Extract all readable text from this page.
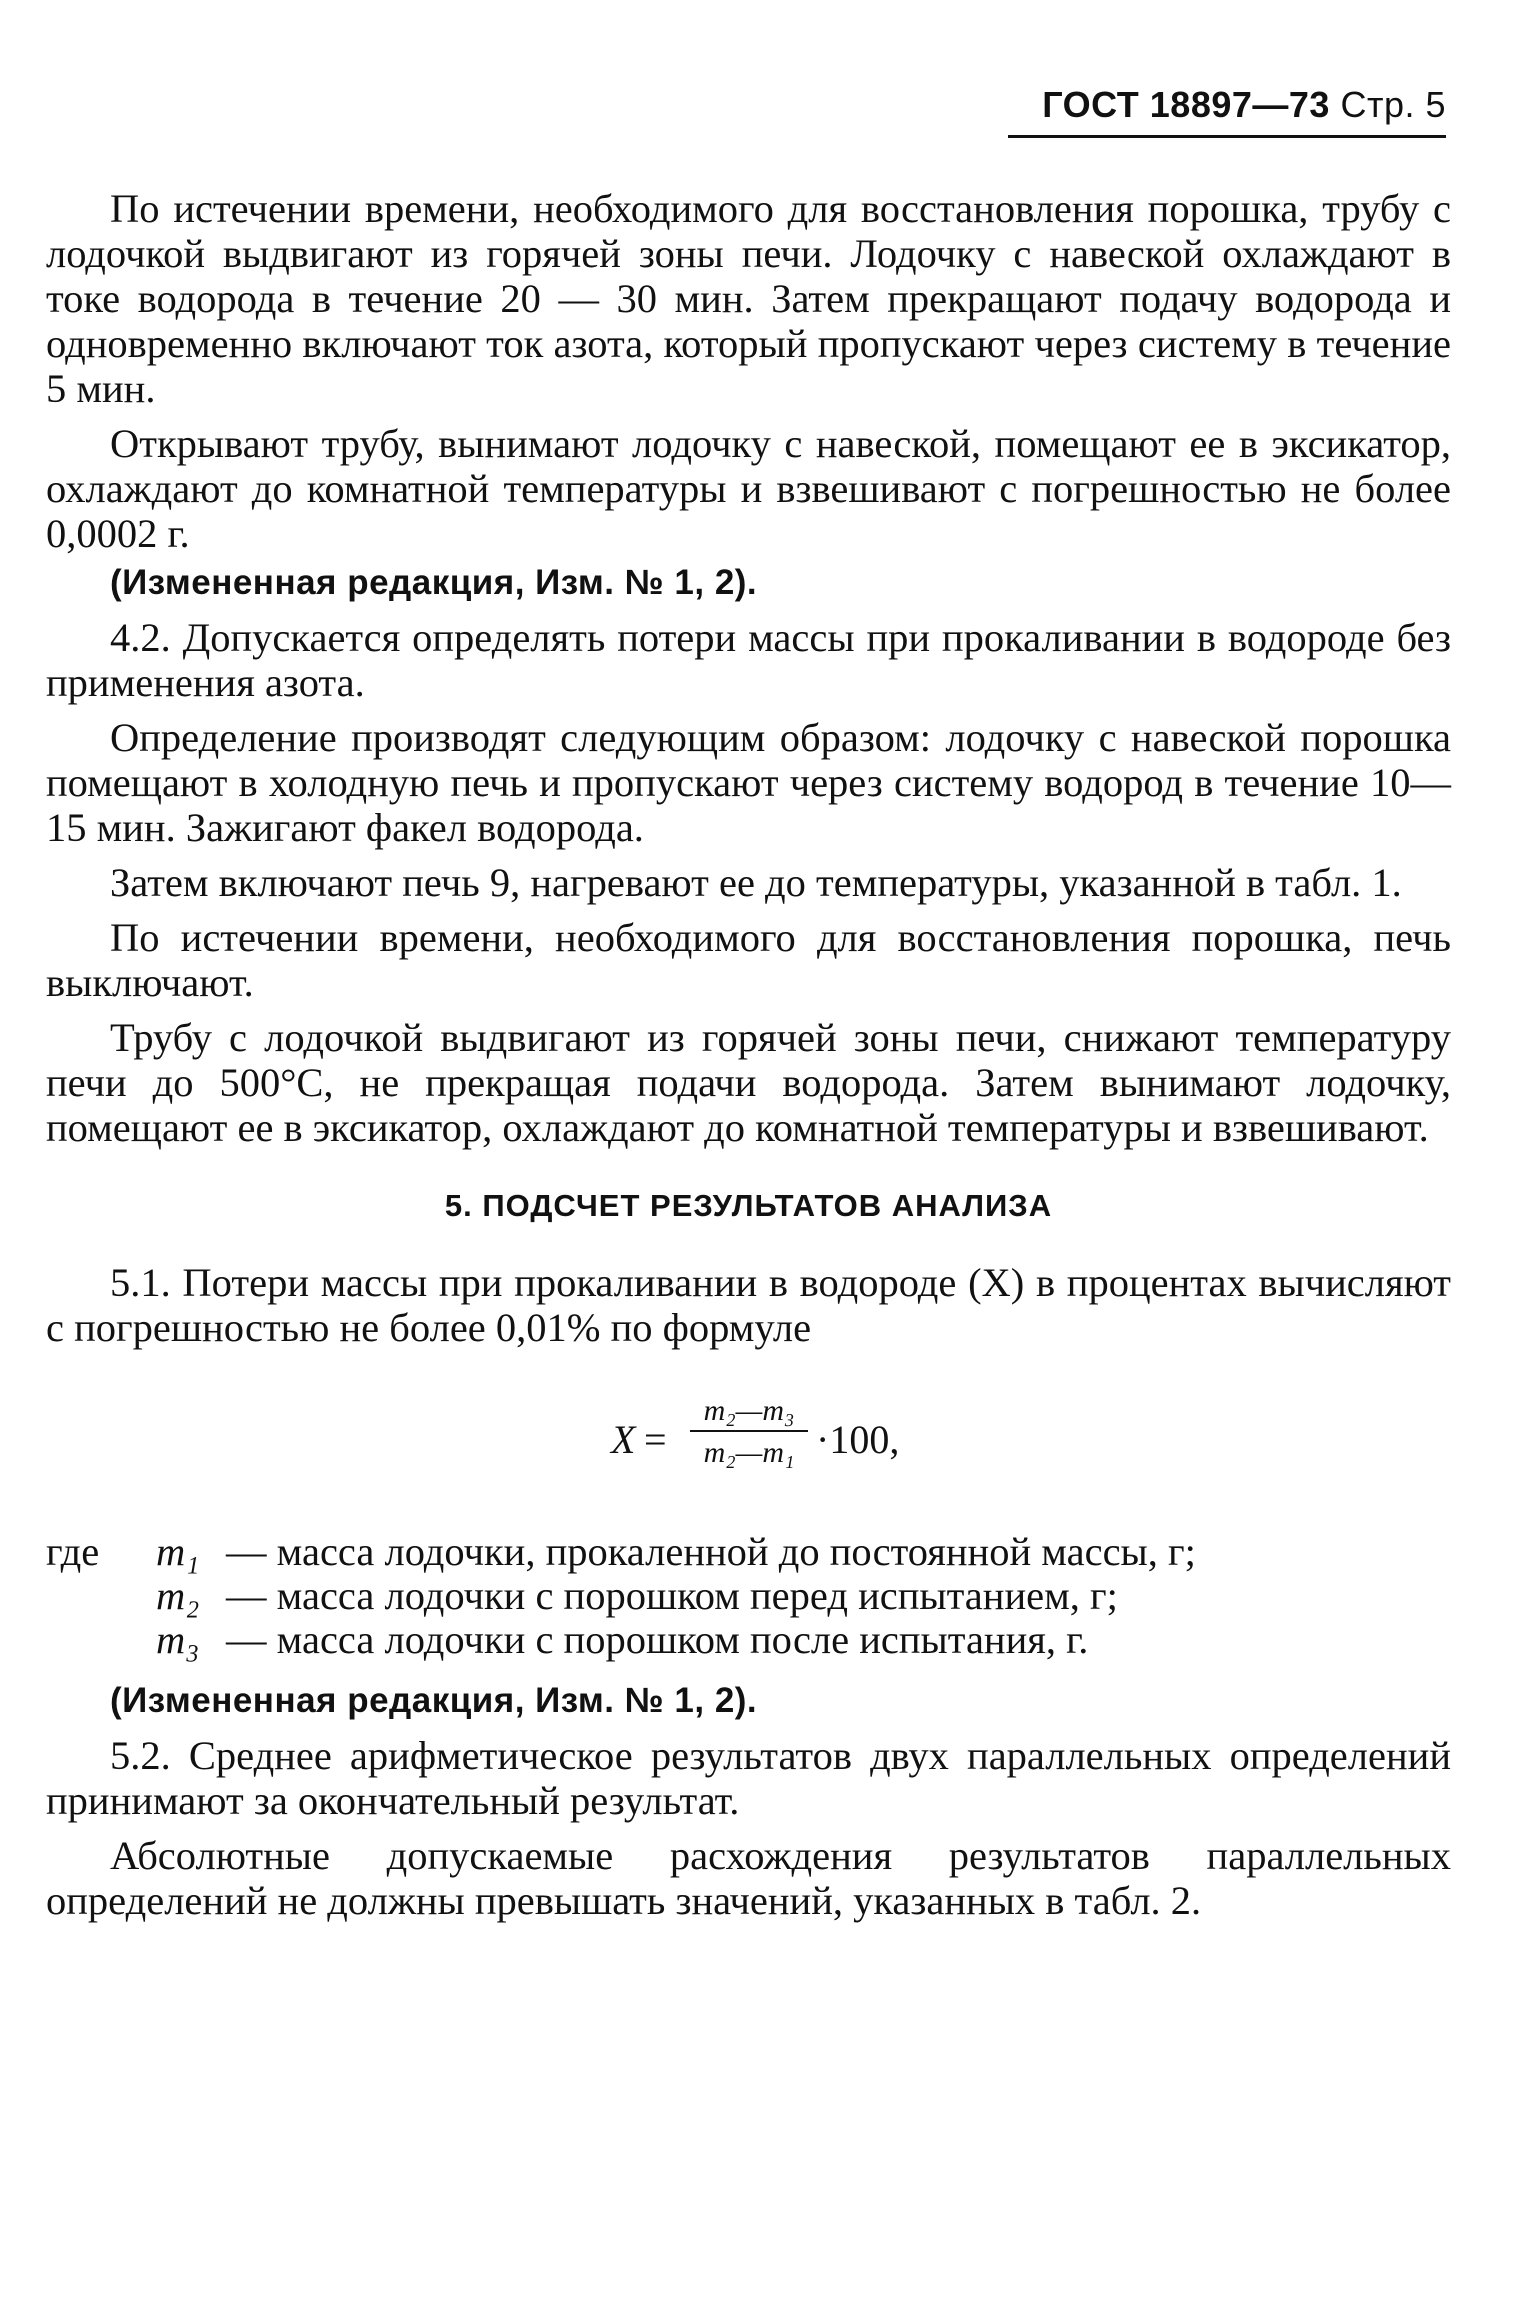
ГОСТ 18897—73 Стр. 5

По истечении времени, необходимого для восстановления порошка, трубу с лодочкой выдвигают из горячей зоны печи. Лодочку с навеской охлаждают в токе водорода в течение 20 — 30 мин. Затем прекращают подачу водорода и одновременно включают ток азота, который пропускают через систему в течение 5 мин.

Открывают трубу, вынимают лодочку с навеской, помещают ее в эксикатор, охлаждают до комнатной температуры и взвешивают с погрешностью не более 0,0002 г.

(Измененная редакция, Изм. № 1, 2).

4.2. Допускается определять потери массы при прокаливании в водороде без применения азота.

Определение производят следующим образом: лодочку с навеской порошка помещают в холодную печь и пропускают через систему водород в течение 10—15 мин. Зажигают факел водорода.

Затем включают печь 9, нагревают ее до температуры, указанной в табл. 1.

По истечении времени, необходимого для восстановления порошка, печь выключают.

Трубу с лодочкой выдвигают из горячей зоны печи, снижают температуру печи до 500°С, не прекращая подачи водорода. Затем вынимают лодочку, помещают ее в эксикатор, охлаждают до комнатной температуры и взвешивают.

5. ПОДСЧЕТ РЕЗУЛЬТАТОВ АНАЛИЗА

5.1. Потери массы при прокаливании в водороде (X) в процентах вычисляют с погрешностью не более 0,01% по формуле

X =
m₂—m₃
m₂—m₁ ·100,
где	m₁ — масса лодочки, прокаленной до постоянной массы, г;
m₂ — масса лодочки с порошком перед испытанием, г;
m₃ — масса лодочки с порошком после испытания, г.

(Измененная редакция, Изм. № 1, 2).

5.2. Среднее арифметическое результатов двух параллельных определений принимают за окончательный результат.

Абсолютные допускаемые расхождения результатов параллельных определений не должны превышать значений, указанных в табл. 2.
